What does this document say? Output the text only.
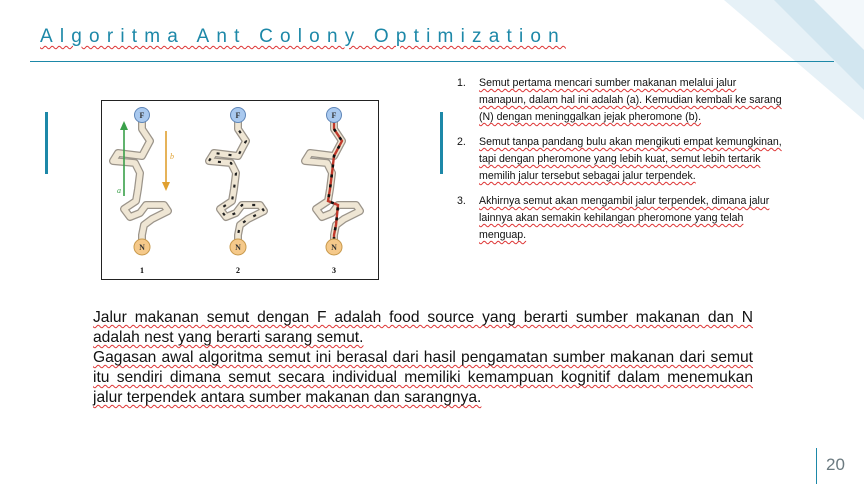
Algoritma Ant Colony Optimization
a
b
F
N
1
F
N
2
F
N
3
1. Semut pertama mencari sumber makanan melalui jalur manapun, dalam hal ini adalah (a). Kemudian kembali ke sarang (N) dengan meninggalkan jejak pheromone (b).
2. Semut tanpa pandang bulu akan mengikuti empat kemungkinan, tapi dengan pheromone yang lebih kuat, semut lebih tertarik memilih jalur tersebut sebagai jalur terpendek.
3. Akhirnya semut akan mengambil jalur terpendek, dimana jalur lainnya akan semakin kehilangan pheromone yang telah menguap.

Jalur makanan semut dengan F adalah food source yang berarti sumber makanan dan N adalah nest yang berarti sarang semut.

Gagasan awal algoritma semut ini berasal dari hasil pengamatan sumber makanan dari semut itu sendiri dimana semut secara individual memiliki kemampuan kognitif dalam menemukan jalur terpendek antara sumber makanan dan sarangnya.

20
